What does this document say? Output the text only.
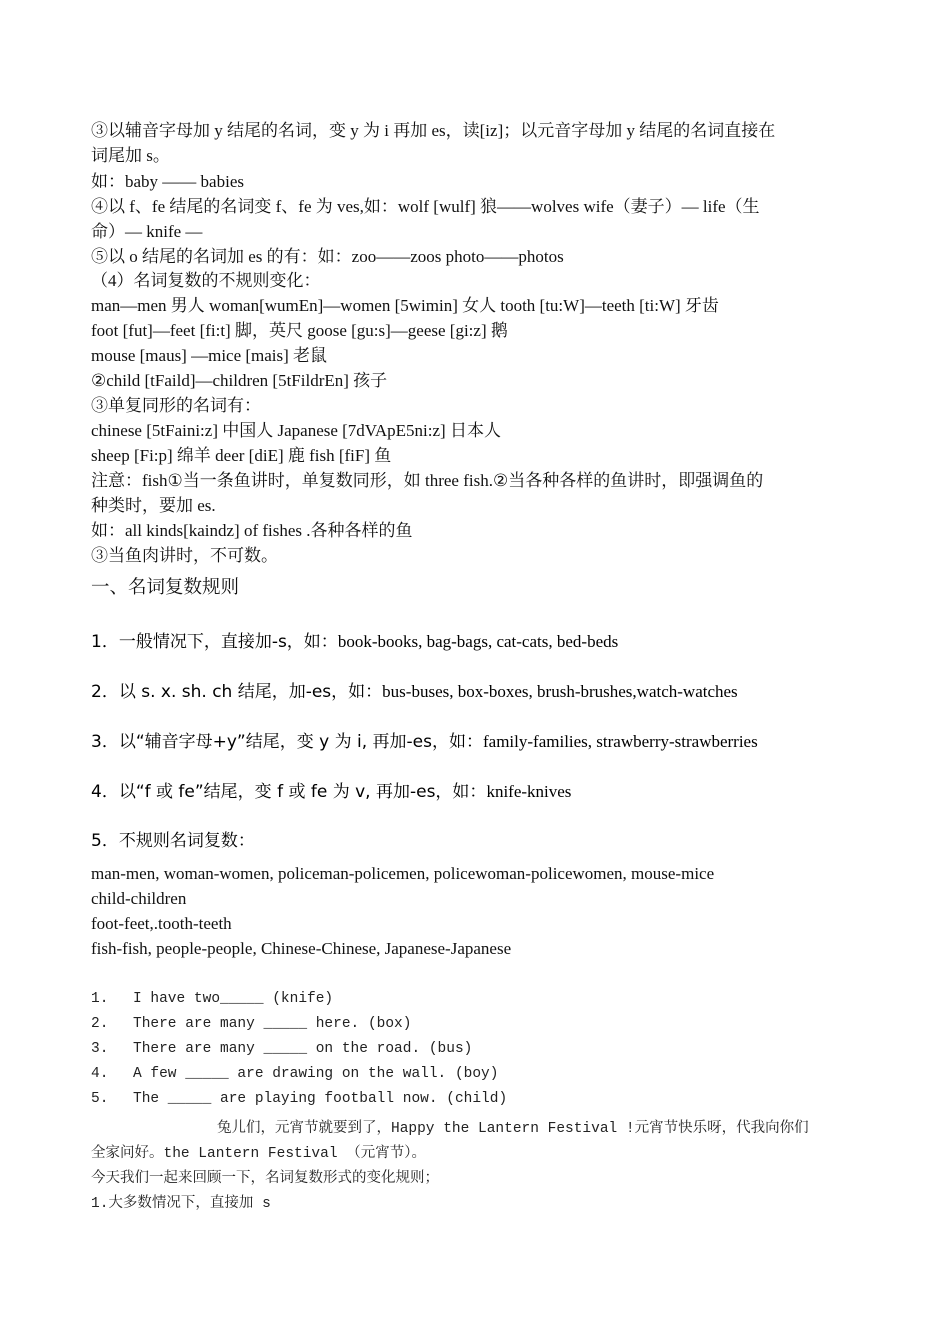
③以辅音字母加 y 结尾的名词，变 y 为 i 再加 es，读[iz]；以元音字母加 y 结尾的名词直接在
词尾加 s。
如：baby —— babies
④以 f、fe 结尾的名词变 f、fe 为 ves,如：wolf [wulf] 狼——wolves wife（妻子）— life（生
命）— knife —
⑤以 o 结尾的名词加 es 的有：如：zoo——zoos photo——photos
（4）名词复数的不规则变化：
man—men 男人 woman[wumEn]—women [5wimin] 女人 tooth [tu:W]—teeth [ti:W] 牙齿
foot [fut]—feet [fi:t] 脚，英尺 goose [gu:s]—geese [gi:z] 鹅
mouse [maus] —mice [mais] 老鼠
②child [tFaild]—children [5tFildrEn] 孩子
③单复同形的名词有：
chinese [5tFaini:z] 中国人 Japanese [7dVApE5ni:z] 日本人
sheep [Fi:p] 绵羊 deer [diE] 鹿 fish [fiF] 鱼
注意：fish①当一条鱼讲时，单复数同形，如 three fish.②当各种各样的鱼讲时，即强调鱼的
种类时，要加 es.
如：all kinds[kaindz] of fishes .各种各样的鱼
③当鱼肉讲时，不可数。
一、名词复数规则
1．一般情况下，直接加-s，如：book-books, bag-bags, cat-cats, bed-beds
2．以 s. x. sh. ch 结尾，加-es，如：bus-buses, box-boxes, brush-brushes,watch-watches
3．以“辅音字母+y”结尾，变 y 为 i, 再加-es，如：family-families, strawberry-strawberries
4．以“f 或 fe”结尾，变 f 或 fe 为 v, 再加-es，如：knife-knives
5．不规则名词复数：
man-men, woman-women, policeman-policemen, policewoman-policewomen, mouse-mice
child-children
foot-feet,.tooth-teeth
fish-fish, people-people, Chinese-Chinese, Japanese-Japanese
1. I have two_____ (knife)
2. There are many _____ here. (box)
3. There are many _____ on the road. (bus)
4. A few _____ are drawing on the wall. (boy)
5. The _____ are playing football now. (child)
兔儿们，元宵节就要到了，Happy the Lantern Festival !元宵节快乐呀，代我向你们
全家问好。the Lantern Festival （元宵节）。
今天我们一起来回顾一下，名词复数形式的变化规则；
1.大多数情况下，直接加 s
